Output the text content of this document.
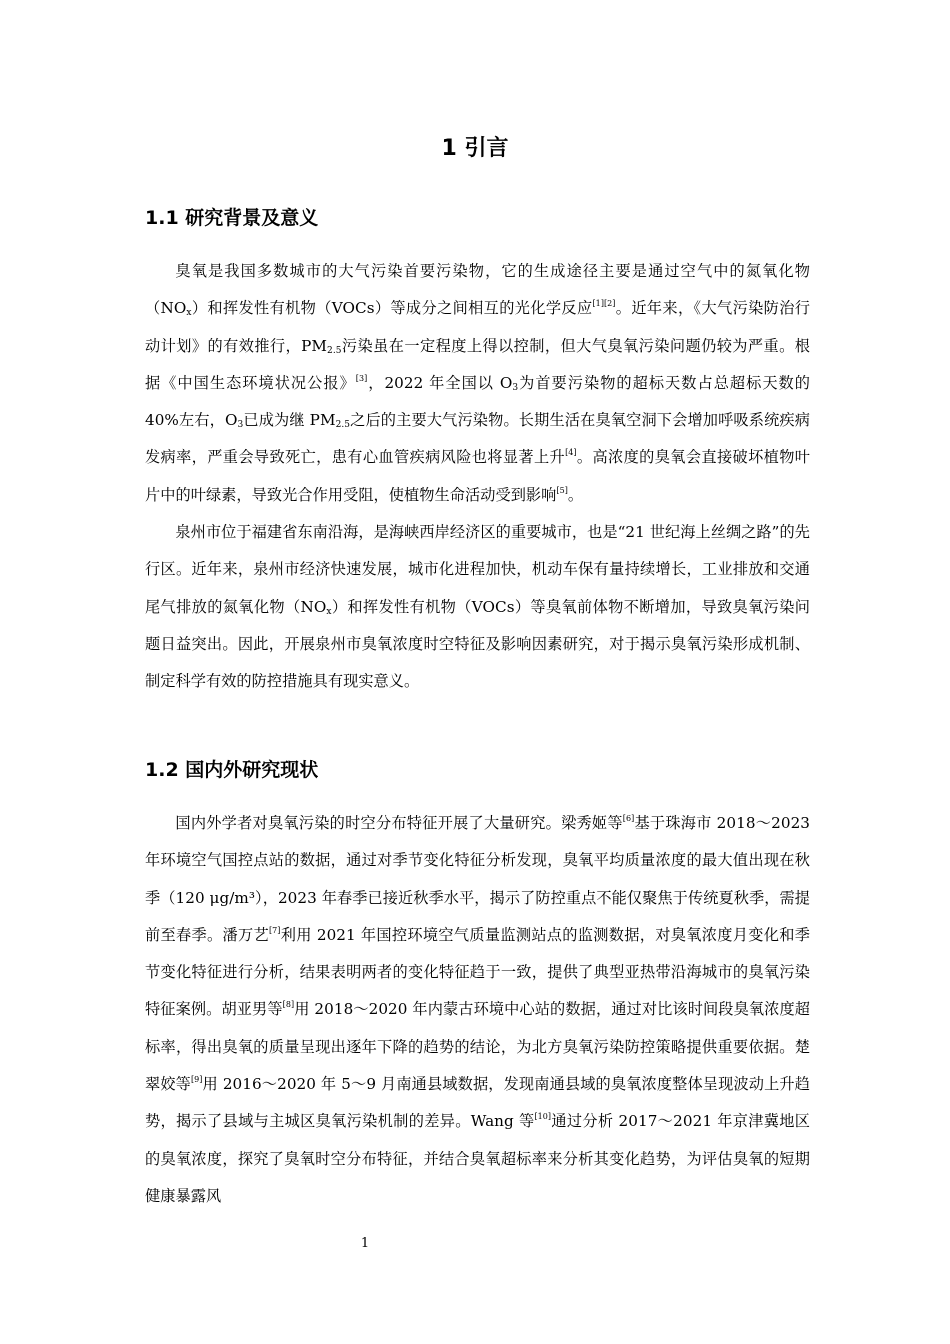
1 引言
1.1 研究背景及意义

臭氧是我国多数城市的大气污染首要污染物，它的生成途径主要是通过空气中的氮氧化物$(NO_x)$和挥发性有机物（VOCs）等成分之间相互的光化学反应[1][2]。近年来，《大气污染防治行动计划》的有效推行，$PM_{2.5}$污染虽在一定程度上得以控制，但大气臭氧污染问题仍较为严重。根据《中国生态环境状况公报》[3]，2022 年全国以 $O_3$为首要污染物的超标天数占总超标天数的 40%左右，$O_3$已成为继 $PM_{2.5}$之后的主要大气污染物。长期生活在臭氧空洞下会增加呼吸系统疾病发病率，严重会导致死亡，患有心血管疾病风险也将显著上升[4]。高浓度的臭氧会直接破坏植物叶片中的叶绿素，导致光合作用受阻，使植物生命活动受到影响[5]。

泉州市位于福建省东南沿海，是海峡西岸经济区的重要城市，也是“21 世纪海上丝绸之路”的先行区。近年来，泉州市经济快速发展，城市化进程加快，机动车保有量持续增长，工业排放和交通尾气排放的氮氧化物$(NO_x)$和挥发性有机物（VOCs）等臭氧前体物不断增加，导致臭氧污染问题日益突出。因此，开展泉州市臭氧浓度时空特征及影响因素研究，对于揭示臭氧污染形成机制、制定科学有效的防控措施具有现实意义。

1.2 国内外研究现状

国内外学者对臭氧污染的时空分布特征开展了大量研究。梁秀姬等[6]基于珠海市 2018～2023 年环境空气国控点站的数据，通过对季节变化特征分析发现，臭氧平均质量浓度的最大值出现在秋季（120 μg/m³），2023 年春季已接近秋季水平，揭示了防控重点不能仅聚焦于传统夏秋季，需提前至春季。潘万艺[7]利用 2021 年国控环境空气质量监测站点的监测数据，对臭氧浓度月变化和季节变化特征进行分析，结果表明两者的变化特征趋于一致，提供了典型亚热带沿海城市的臭氧污染特征案例。胡亚男等[8]用 2018～2020 年内蒙古环境中心站的数据，通过对比该时间段臭氧浓度超标率，得出臭氧的质量呈现出逐年下降的趋势的结论，为北方臭氧污染防控策略提供重要依据。楚翠姣等[9]用 2016～2020 年 5～9 月南通县域数据，发现南通县域的臭氧浓度整体呈现波动上升趋势，揭示了县域与主城区臭氧污染机制的差异。Wang 等[10]通过分析 2017～2021 年京津冀地区的臭氧浓度，探究了臭氧时空分布特征，并结合臭氧超标率来分析其变化趋势，为评估臭氧的短期健康暴露风

1
